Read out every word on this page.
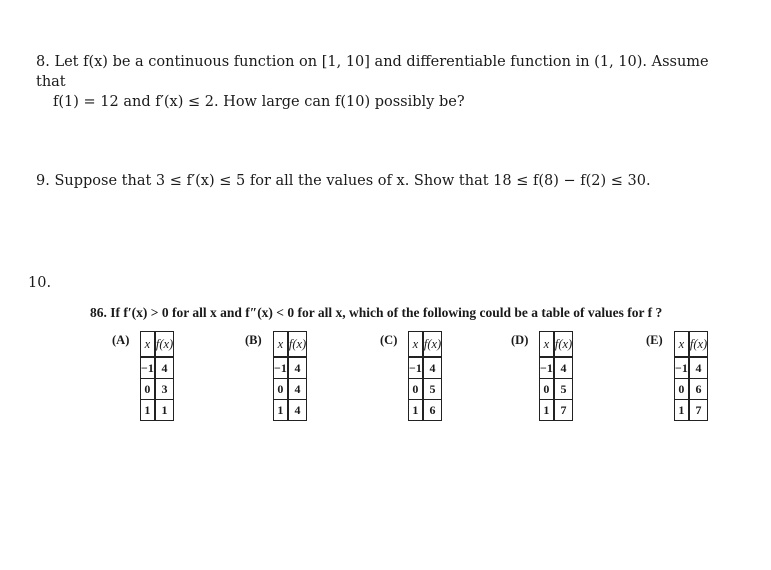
8. Let f(x) be a continuous function on [1, 10] and differentiable function in (1, 10). Assume that
f(1) = 12 and f′(x) ≤ 2. How large can f(10) possibly be?
9. Suppose that 3 ≤ f′(x) ≤ 5 for all the values of x. Show that 18 ≤ f(8) − f(2) ≤ 30.
10.
86. If f′(x) > 0 for all x and f″(x) < 0 for all x, which of the following could be a table of values for f ?
(A) x	f(x)
−1	4
0	3
1	1
(B) x	f(x)
−1	4
0	4
1	4
(C) x	f(x)
−1	4
0	5
1	6
(D) x	f(x)
−1	4
0	5
1	7
(E) x	f(x)
−1	4
0	6
1	7
